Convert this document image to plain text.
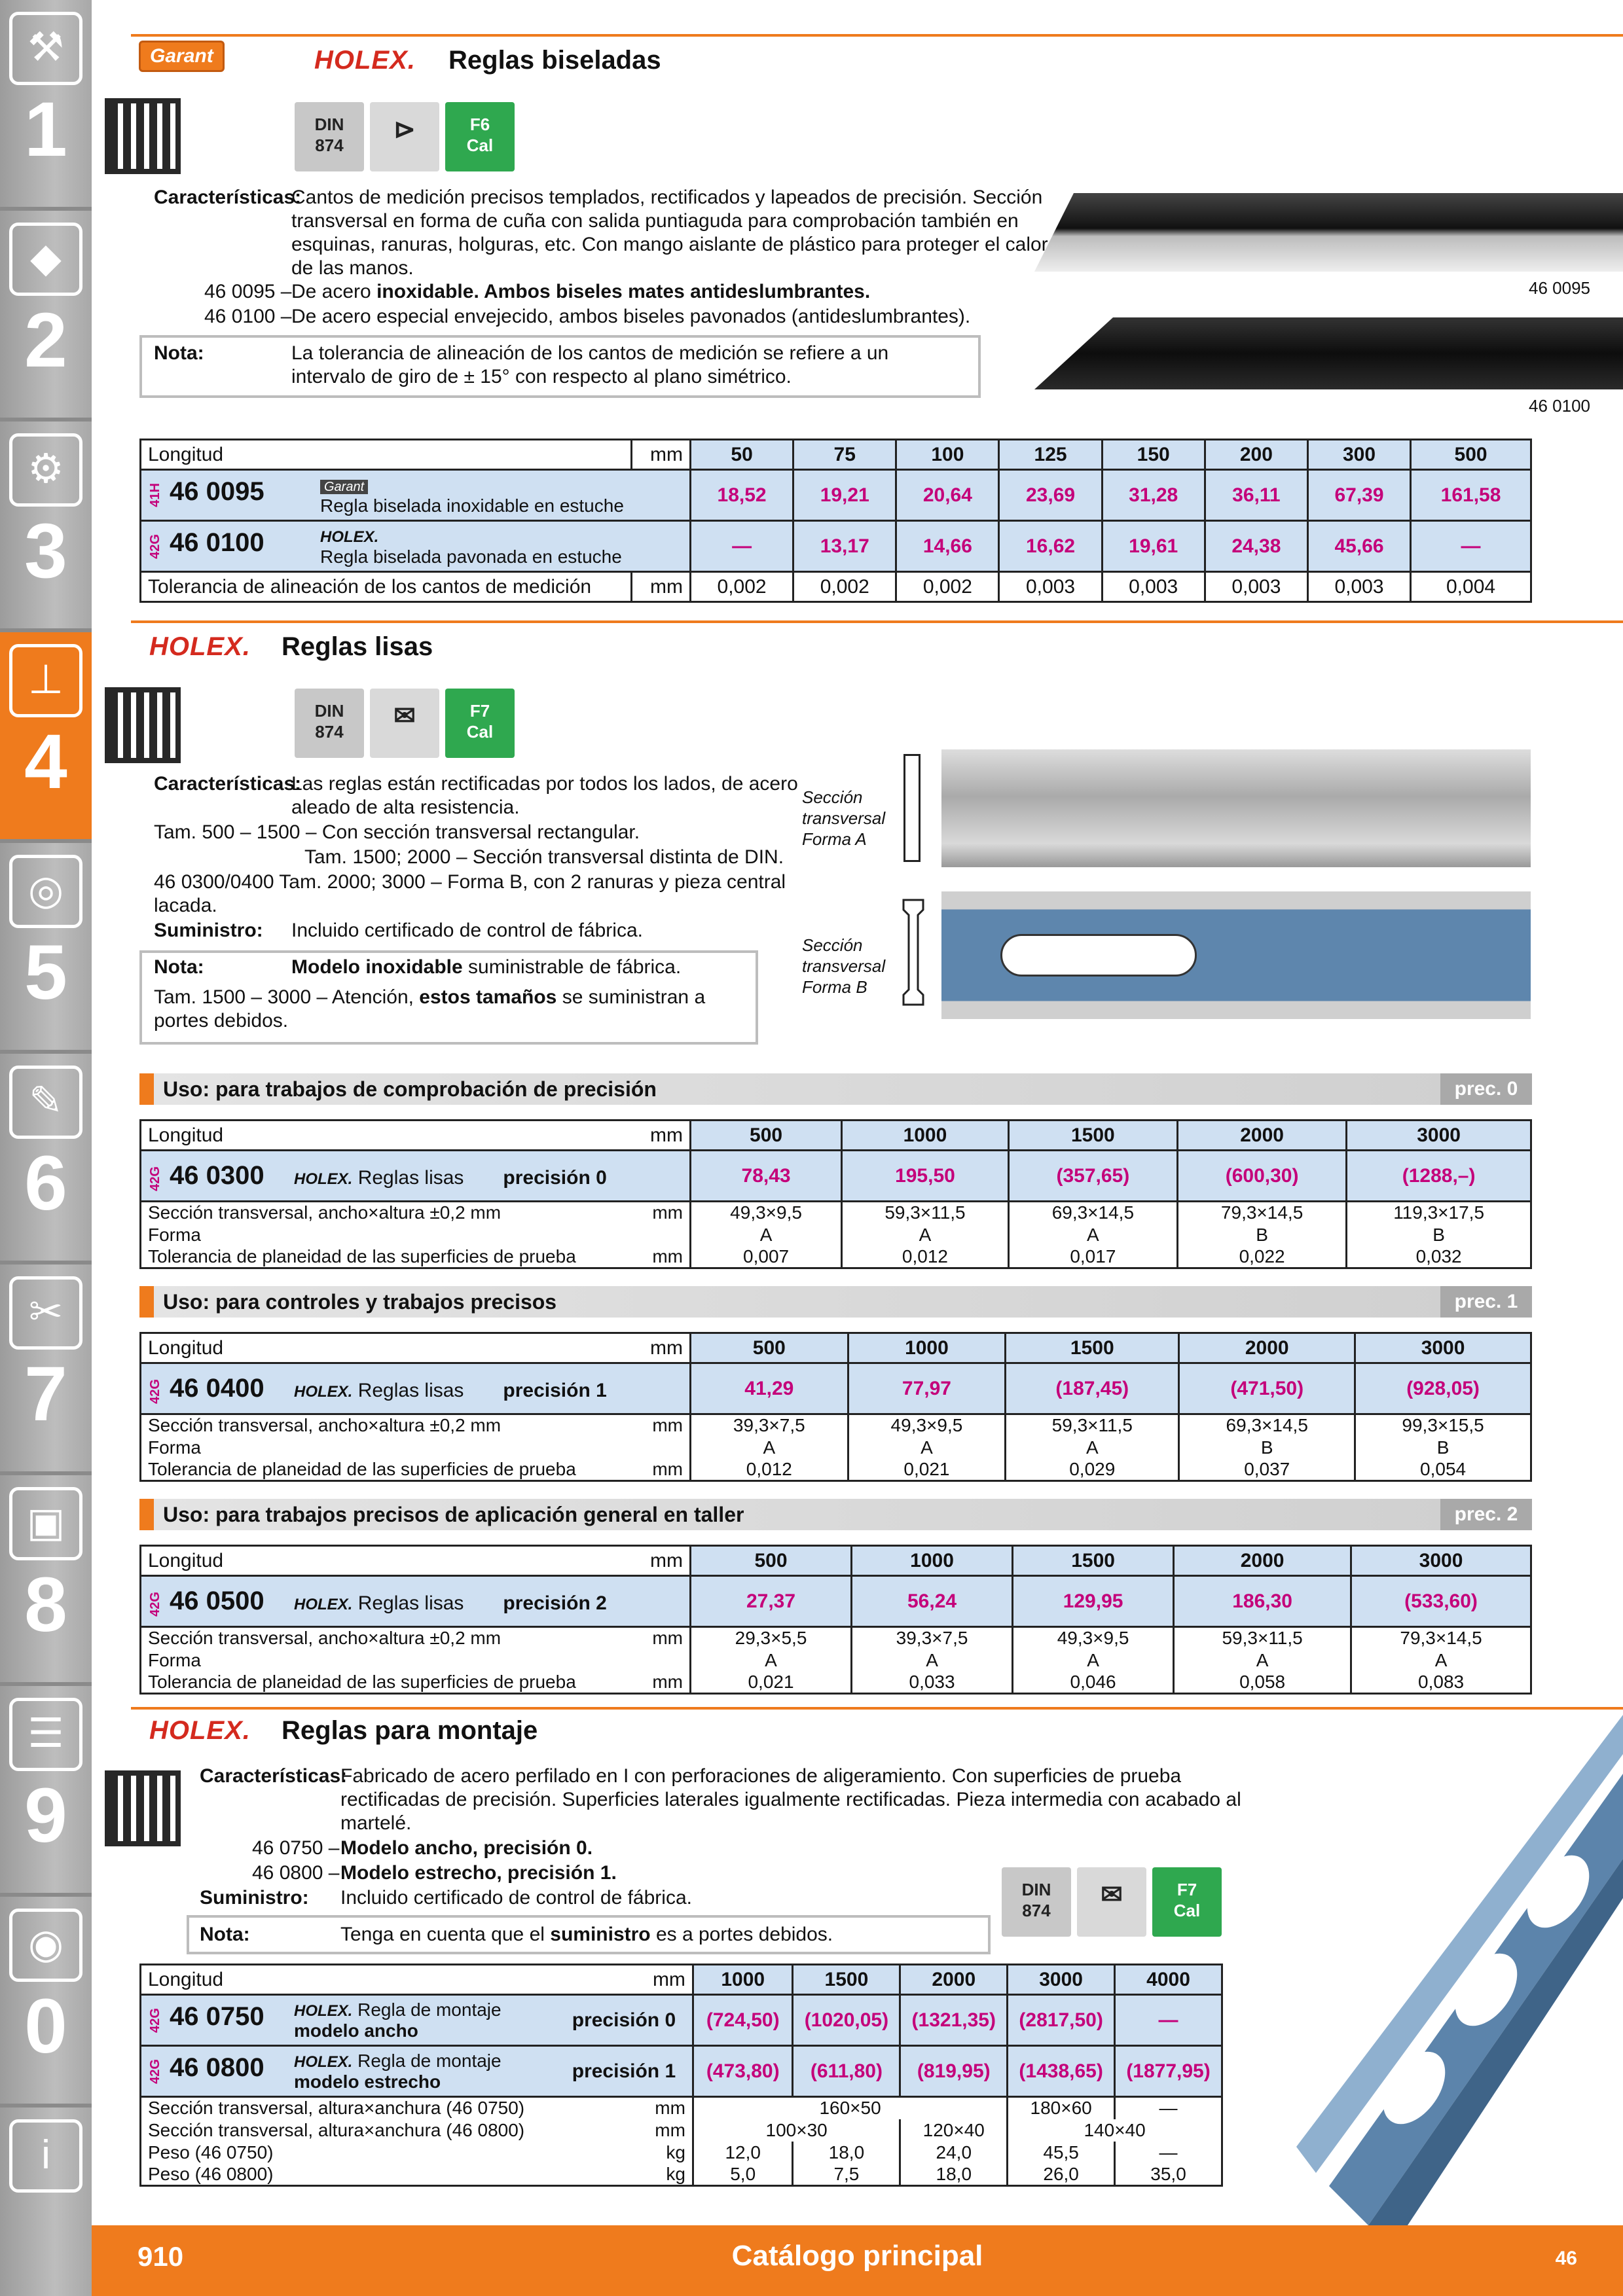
⚒
1
◆
2
⚙
3
⊥
4
◎
5
✎
6
✂
7
▣
8
☰
9
◉
0
i
Garant	HOLEX. Reglas biseladas
DIN
874
⊳	F6
Cal
Características:
Cantos de medición precisos templados, rectificados y lapeados de precisión. Sección transversal en forma de cuña con salida puntiaguda para comprobación también en esquinas, ranuras, holguras, etc. Con mango aislante de plástico para proteger el calor de las manos.
46 0095 – De acero inoxidable. Ambos biseles mates antideslumbrantes.
46 0100 – De acero especial envejecido, ambos biseles pavonados (antideslumbrantes).
Nota:	La tolerancia de alineación de los cantos de medición se refiere a un intervalo de giro de ± 15° con respecto al plano simétrico.
46 0095
46 0100
Longitud	mm	50	75	100	125	150	200	300	500
41H 46 0095 Garant
Regla biselada inoxidable en estuche		18,52	19,21	20,64	23,69	31,28	36,11	67,39	161,58
42G 46 0100 HOLEX.
Regla biselada pavonada en estuche		—	13,17	14,66	16,62	19,61	24,38	45,66	—
Tolerancia de alineación de los cantos de medición	mm	0,002	0,002	0,002	0,003	0,003	0,003	0,003	0,004
HOLEX. Reglas lisas
DIN
874
✉	F7
Cal
Características:
Las reglas están rectificadas por todos los lados, de acero aleado de alta resistencia.
Tam. 500 – 1500 – Con sección transversal rectangular.
Tam. 1500; 2000 – Sección transversal distinta de DIN.
46 0300/0400 Tam. 2000; 3000 – Forma B, con 2 ranuras y pieza central lacada.
Suministro: Incluido certificado de control de fábrica.
Nota:	Modelo inoxidable suministrable de fábrica.
Tam. 1500 – 3000 – Atención, estos tamaños se suministran a portes debidos.
Sección
transversal
Forma A
Sección
transversal
Forma B
Uso: para trabajos de comprobación de precisión	prec. 0
Longitud	mm	500	1000	1500	2000	3000
42G 46 0300 HOLEX. Reglas lisas precisión 0		78,43	195,50	(357,65)	(600,30)	(1288,–)
Sección transversal, ancho×altura ±0,2 mm	mm	49,3×9,5	59,3×11,5	69,3×14,5	79,3×14,5	119,3×17,5
Forma		A	A	A	B	B
Tolerancia de planeidad de las superficies de prueba	mm	0,007	0,012	0,017	0,022	0,032
Uso: para controles y trabajos precisos	prec. 1
Longitud	mm	500	1000	1500	2000	3000
42G 46 0400 HOLEX. Reglas lisas precisión 1		41,29	77,97	(187,45)	(471,50)	(928,05)
Sección transversal, ancho×altura ±0,2 mm	mm	39,3×7,5	49,3×9,5	59,3×11,5	69,3×14,5	99,3×15,5
Forma		A	A	A	B	B
Tolerancia de planeidad de las superficies de prueba	mm	0,012	0,021	0,029	0,037	0,054
Uso: para trabajos precisos de aplicación general en taller	prec. 2
Longitud	mm	500	1000	1500	2000	3000
42G 46 0500 HOLEX. Reglas lisas precisión 2		27,37	56,24	129,95	186,30	(533,60)
Sección transversal, ancho×altura ±0,2 mm	mm	29,3×5,5	39,3×7,5	49,3×9,5	59,3×11,5	79,3×14,5
Forma		A	A	A	A	A
Tolerancia de planeidad de las superficies de prueba	mm	0,021	0,033	0,046	0,058	0,083
HOLEX. Reglas para montaje
Características:
Fabricado de acero perfilado en I con perforaciones de aligeramiento. Con superficies de prueba rectificadas de precisión. Superficies laterales igualmente rectificadas. Pieza intermedia con acabado al martelé.
46 0750 – Modelo ancho, precisión 0.
46 0800 – Modelo estrecho, precisión 1.
Suministro: Incluido certificado de control de fábrica.
Nota:	Tenga en cuenta que el suministro es a portes debidos.
DIN
874
✉	F7
Cal
Longitud	mm	1000	1500	2000	3000	4000
42G 46 0750 HOLEX. Regla de montaje
modelo ancho	precisión 0	(724,50)	(1020,05)	(1321,35)	(2817,50)	—
42G 46 0800 HOLEX. Regla de montaje
modelo estrecho	precisión 1	(473,80)	(611,80)	(819,95)	(1438,65)	(1877,95)
Sección transversal, altura×anchura (46 0750)	mm	160×50			180×60	—
Sección transversal, altura×anchura (46 0800)	mm	100×30		120×40	140×40	
Peso (46 0750)	kg	12,0	18,0	24,0	45,5	—
Peso (46 0800)	kg	5,0	7,5	18,0	26,0	35,0
910	Catálogo principal	46
